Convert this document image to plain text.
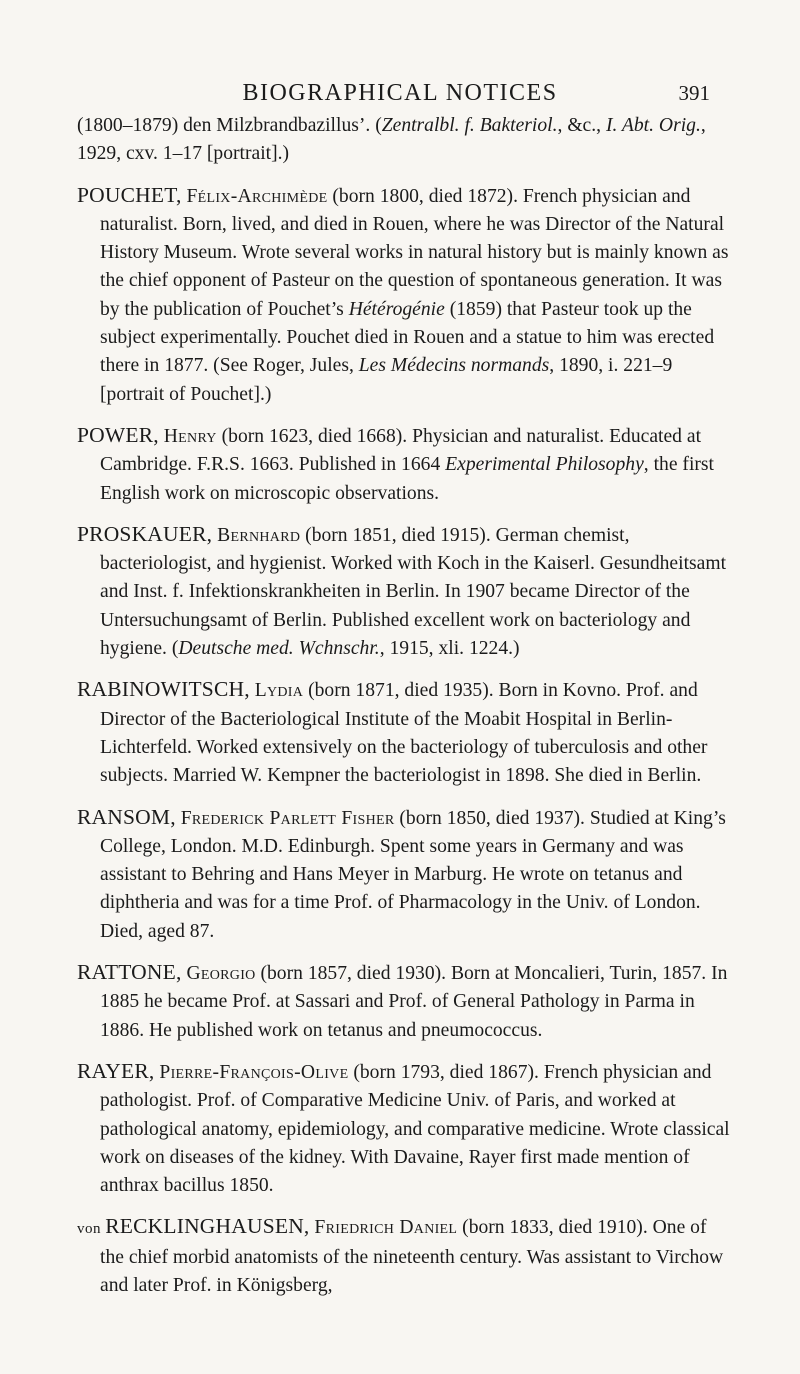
BIOGRAPHICAL NOTICES	391

(1800–1879) den Milzbrandbazillus’. (Zentralbl. f. Bakteriol., &c., I. Abt. Orig., 1929, cxv. 1–17 [portrait].)

POUCHET, Félix-Archimède (born 1800, died 1872). French physician and naturalist. Born, lived, and died in Rouen, where he was Director of the Natural History Museum. Wrote several works in natural history but is mainly known as the chief opponent of Pasteur on the question of spontaneous generation. It was by the publication of Pouchet’s Hétérogénie (1859) that Pasteur took up the subject experimentally. Pouchet died in Rouen and a statue to him was erected there in 1877. (See Roger, Jules, Les Médecins normands, 1890, i. 221–9 [portrait of Pouchet].)

POWER, Henry (born 1623, died 1668). Physician and naturalist. Educated at Cambridge. F.R.S. 1663. Published in 1664 Experimental Philosophy, the first English work on microscopic observations.

PROSKAUER, Bernhard (born 1851, died 1915). German chemist, bacteriologist, and hygienist. Worked with Koch in the Kaiserl. Gesundheitsamt and Inst. f. Infektionskrankheiten in Berlin. In 1907 became Director of the Untersuchungsamt of Berlin. Published excellent work on bacteriology and hygiene. (Deutsche med. Wchnschr., 1915, xli. 1224.)

RABINOWITSCH, Lydia (born 1871, died 1935). Born in Kovno. Prof. and Director of the Bacteriological Institute of the Moabit Hospital in Berlin-Lichterfeld. Worked extensively on the bacteriology of tuberculosis and other subjects. Married W. Kempner the bacteriologist in 1898. She died in Berlin.

RANSOM, Frederick Parlett Fisher (born 1850, died 1937). Studied at King’s College, London. M.D. Edinburgh. Spent some years in Germany and was assistant to Behring and Hans Meyer in Marburg. He wrote on tetanus and diphtheria and was for a time Prof. of Pharmacology in the Univ. of London. Died, aged 87.

RATTONE, Georgio (born 1857, died 1930). Born at Moncalieri, Turin, 1857. In 1885 he became Prof. at Sassari and Prof. of General Pathology in Parma in 1886. He published work on tetanus and pneumococcus.

RAYER, Pierre-François-Olive (born 1793, died 1867). French physician and pathologist. Prof. of Comparative Medicine Univ. of Paris, and worked at pathological anatomy, epidemiology, and comparative medicine. Wrote classical work on diseases of the kidney. With Davaine, Rayer first made mention of anthrax bacillus 1850.

von RECKLINGHAUSEN, Friedrich Daniel (born 1833, died 1910). One of the chief morbid anatomists of the nineteenth century. Was assistant to Virchow and later Prof. in Königsberg,
